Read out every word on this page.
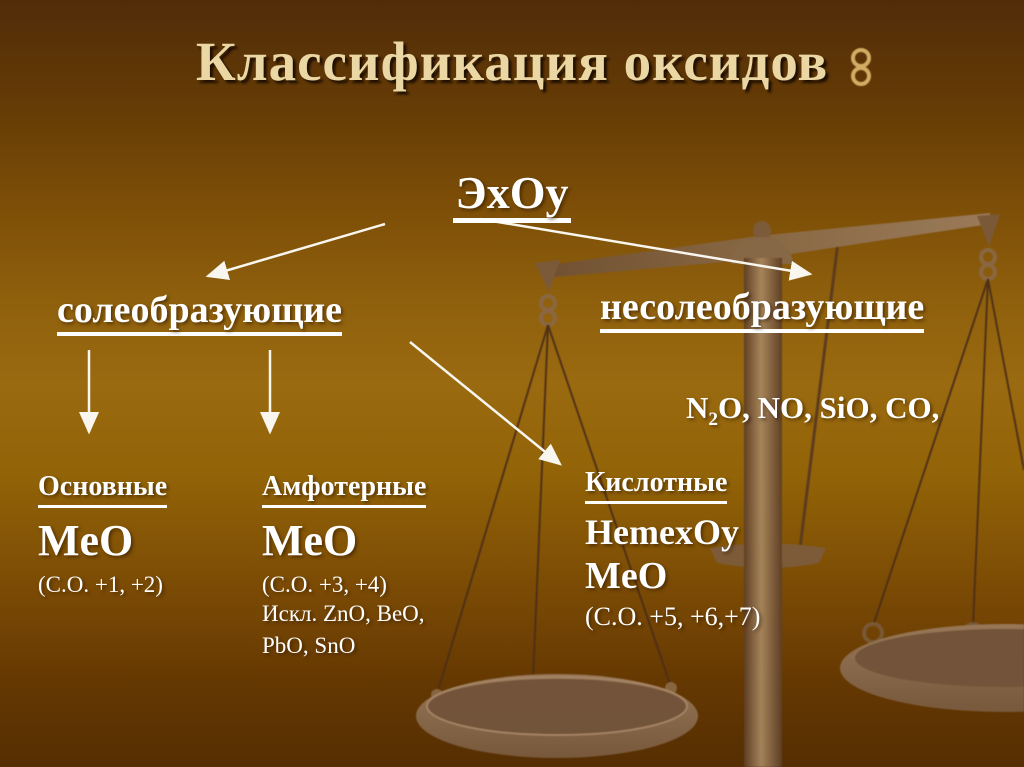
Классификация оксидов
ЭхОу
солеобразующие	несолеобразующие
$N_2O$, NO, SiO, CO,
Основные
MeO
(С.О. +1, +2)
Амфотерные
MeO
(С.О. +3, +4)
Искл. ZnO, BeO,
PbO, SnO
Кислотные
HemexOy
MeO
(С.О. +5, +6,+7)
